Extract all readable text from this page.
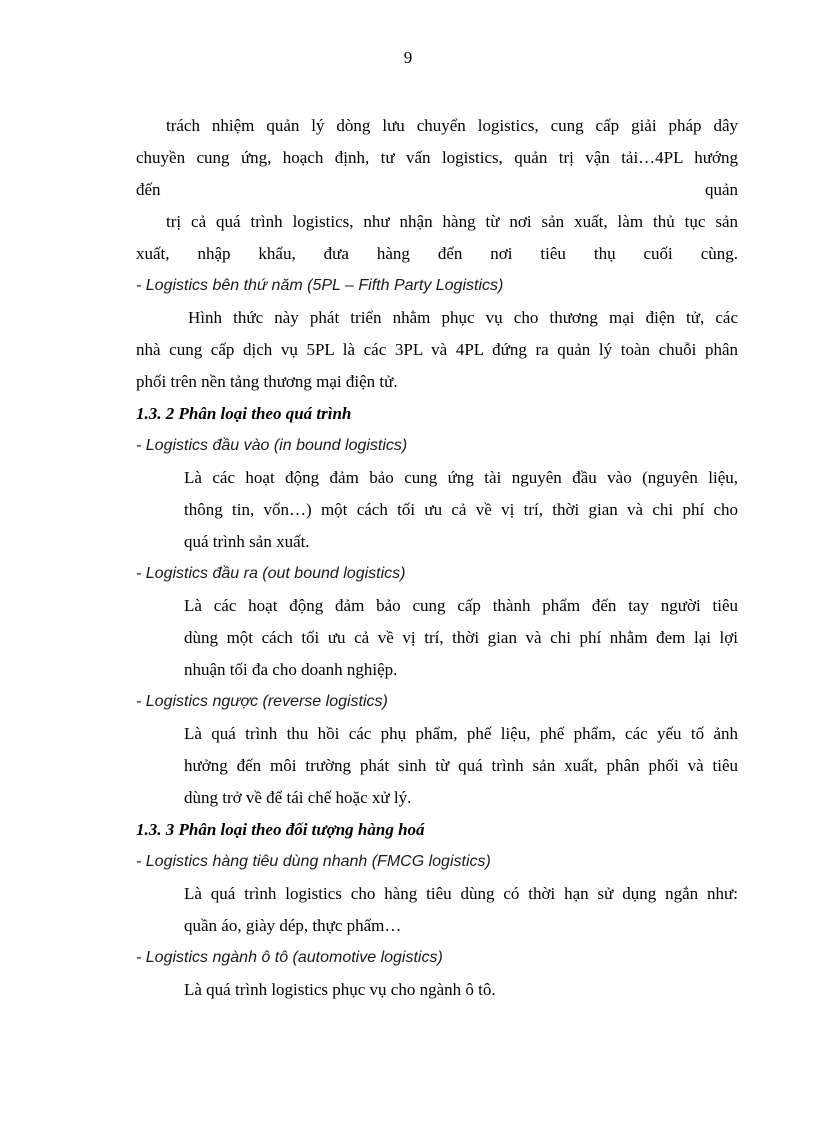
9
trách nhiệm quản lý dòng lưu chuyển logistics, cung cấp giải pháp dây
chuyền cung ứng, hoạch định, tư vấn logistics, quản trị vận tải…4PL hướng
đến	quản
trị cả quá trình logistics, như nhận hàng từ nơi sản xuất, làm thủ tục sản
xuất, nhập khẩu, đưa hàng đến nơi tiêu thụ cuối cùng.
- Logistics bên thứ năm (5PL – Fifth Party Logistics)
Hình thức này phát triển nhằm phục vụ cho thương mại điện tử, các
nhà cung cấp dịch vụ 5PL là các 3PL và 4PL đứng ra quản lý toàn chuỗi phân
phối trên nền tảng thương mại điện tử.
1.3. 2 Phân loại theo quá trình
- Logistics đầu vào (in bound logistics)
Là các hoạt động đảm bảo cung ứng tài nguyên đầu vào (nguyên liệu,
thông tin, vốn…) một cách tối ưu cả về vị trí, thời gian và chi phí cho
quá trình sản xuất.
- Logistics đầu ra (out bound logistics)
Là các hoạt động đảm bảo cung cấp thành phẩm đến tay người tiêu
dùng một cách tối ưu cả về vị trí, thời gian và chi phí nhằm đem lại lợi
nhuận tối đa cho doanh nghiệp.
- Logistics ngược (reverse logistics)
Là quá trình thu hồi các phụ phẩm, phế liệu, phế phẩm, các yếu tố ảnh
hưởng đến môi trường phát sinh từ quá trình sản xuất, phân phối và tiêu
dùng trở về để tái chế hoặc xử lý.
1.3. 3 Phân loại theo đối tượng hàng hoá
- Logistics hàng tiêu dùng nhanh (FMCG logistics)
Là quá trình logistics cho hàng tiêu dùng có thời hạn sử dụng ngắn như:
quần áo, giày dép, thực phẩm…
- Logistics ngành ô tô (automotive logistics)
Là quá trình logistics phục vụ cho ngành ô tô.
